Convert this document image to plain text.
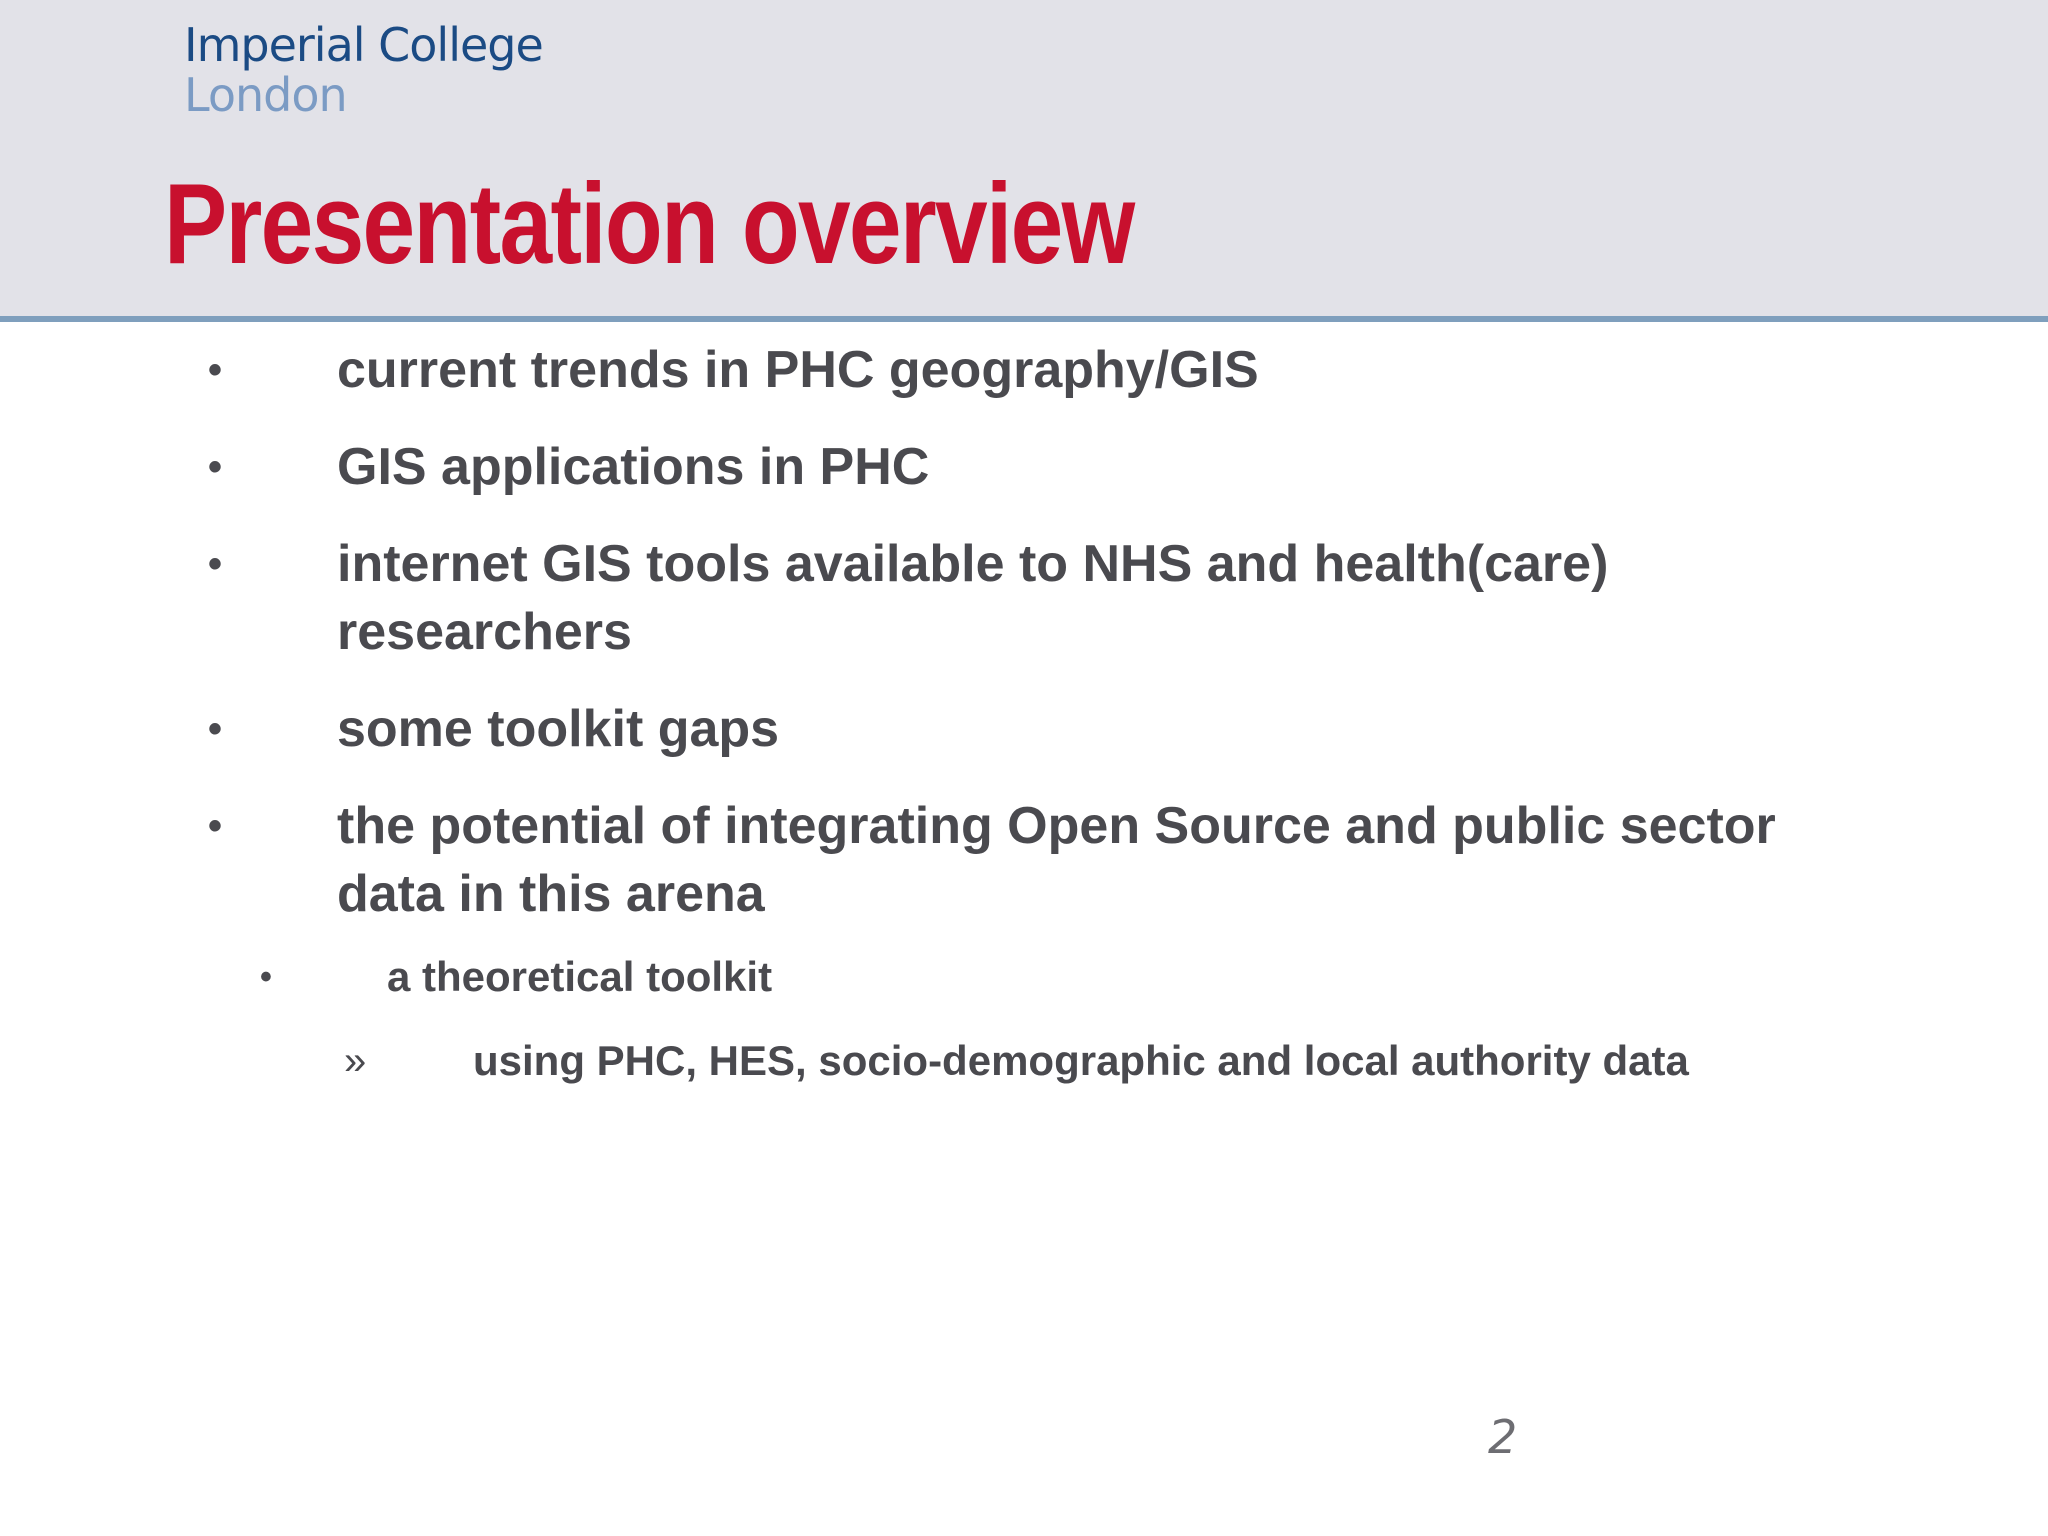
Imperial College
London
Presentation overview
• current trends in PHC geography/GIS
• GIS applications in PHC
• internet GIS tools available to NHS and health(care) researchers
• some toolkit gaps
• the potential of integrating Open Source and public sector data in this arena
•	a theoretical toolkit
»	using PHC, HES, socio-demographic and local authority data
2
